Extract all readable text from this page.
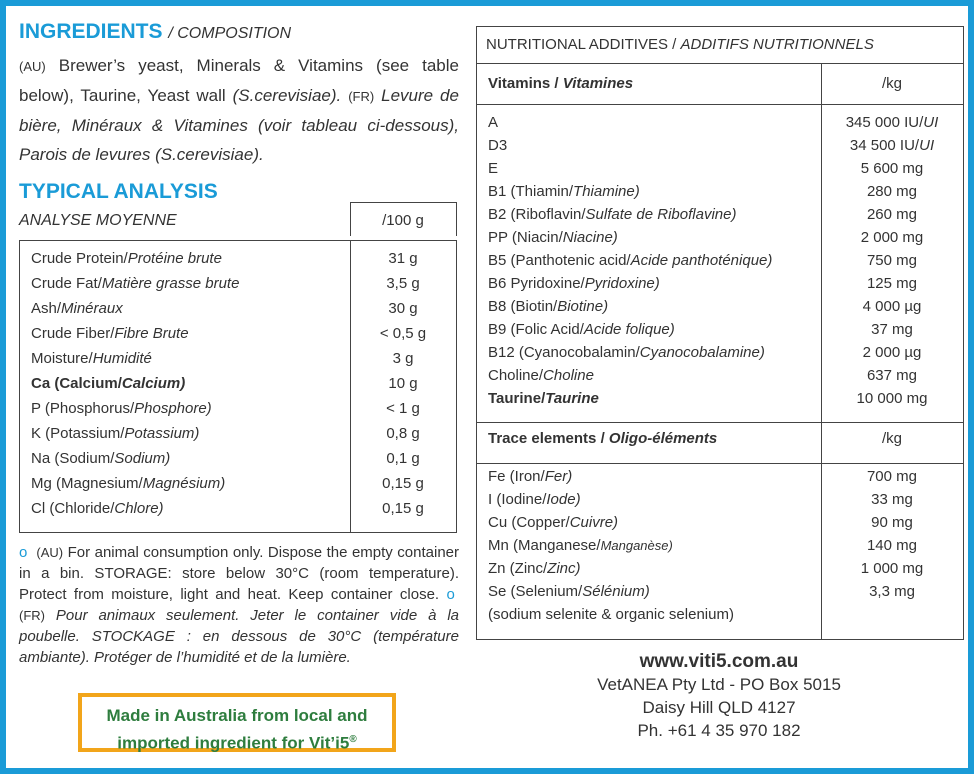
INGREDIENTS / COMPOSITION
(AU) Brewer’s yeast, Minerals & Vitamins (see table below), Taurine, Yeast wall (S.cerevisiae). (FR) Levure de bière, Minéraux & Vitamines (voir tableau ci-dessous), Parois de levures (S.cerevisiae).
TYPICAL ANALYSIS
ANALYSE MOYENNE	/100 g
Crude Protein/Protéine brute	31 g
Crude Fat/Matière grasse brute	3,5 g
Ash/Minéraux	30 g
Crude Fiber/Fibre Brute	< 0,5 g
Moisture/Humidité	3 g
Ca (Calcium/Calcium)	10 g
P (Phosphorus/Phosphore)	< 1 g
K (Potassium/Potassium)	0,8 g
Na (Sodium/Sodium)	0,1 g
Mg (Magnesium/Magnésium)	0,15 g
Cl (Chloride/Chlore)	0,15 g
o (AU) For animal consumption only. Dispose the empty container in a bin. STORAGE: store below 30°C (room temperature). Protect from moisture, light and heat. Keep container close. o  (FR) Pour animaux seulement. Jeter le container vide à la poubelle. STOCKAGE : en dessous de 30°C (température ambiante). Protéger de l’humidité et de la lumière.
Made in Australia from local and
imported ingredient for Vit’i5®
NUTRITIONAL ADDITIVES / ADDITIFS NUTRITIONNELS
Vitamins / Vitamines	/kg
A	345 000 IU/UI
D3	34 500 IU/UI
E	5 600 mg
B1 (Thiamin/Thiamine)	280 mg
B2 (Riboflavin/Sulfate de Riboflavine)	260 mg
PP (Niacin/Niacine)	2 000 mg
B5 (Panthotenic acid/Acide panthoténique)	750 mg
B6 Pyridoxine/Pyridoxine)	125 mg
B8 (Biotin/Biotine)	4 000 µg
B9 (Folic Acid/Acide folique)	37 mg
B12 (Cyanocobalamin/Cyanocobalamine)	2 000 µg
Choline/Choline	637 mg
Taurine/Taurine	10 000 mg
Trace elements / Oligo-éléments	/kg
Fe (Iron/Fer)	700 mg
I (Iodine/Iode)	33 mg
Cu (Copper/Cuivre)	90 mg
Mn (Manganese/Manganèse)	140 mg
Zn (Zinc/Zinc)	1 000 mg
Se (Selenium/Sélénium)	3,3 mg
(sodium selenite & organic selenium)
www.viti5.com.au
VetANEA Pty Ltd - PO Box 5015
Daisy Hill QLD 4127
Ph. +61 4 35 970 182
